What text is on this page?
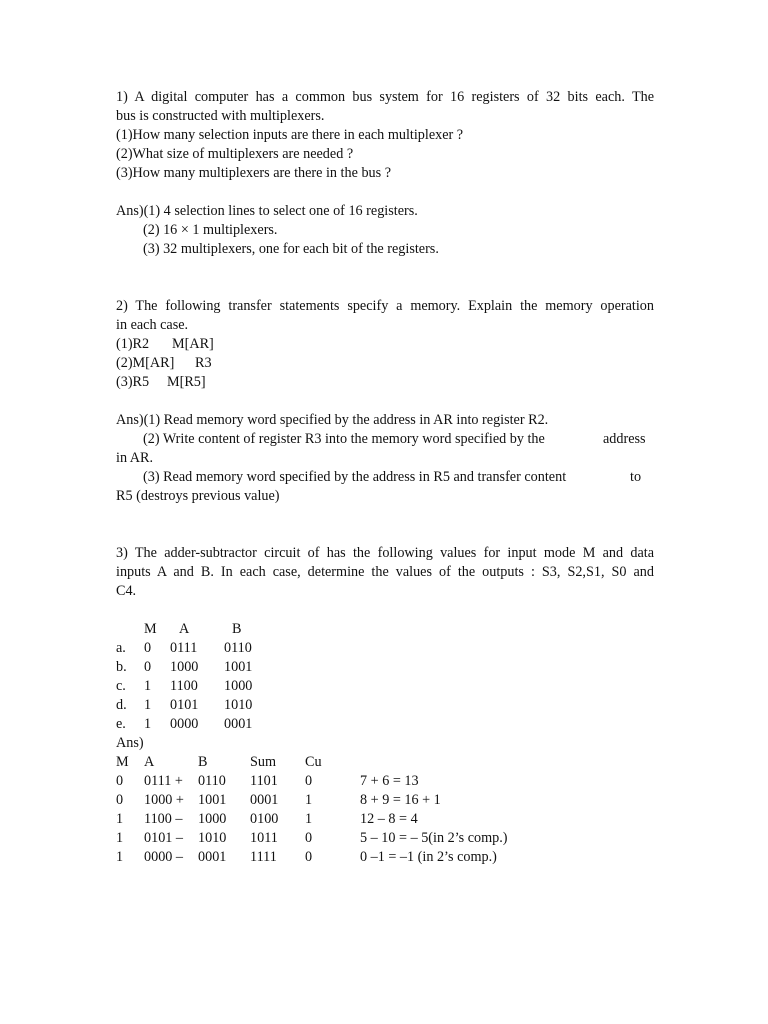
1) A digital computer has a common bus system for 16 registers of 32 bits each. The
bus is constructed with multiplexers.
(1)How many selection inputs are there in each multiplexer ?
(2)What size of multiplexers are needed ?
(3)How many multiplexers are there in the bus ?
Ans)(1) 4 selection lines to select one of 16 registers.
(2) 16 × 1 multiplexers.
(3) 32 multiplexers, one for each bit of the registers.
2) The following transfer statements specify a memory. Explain the memory operation
in each case.
(1)R2 M[AR]
(2)M[AR] R3
(3)R5 M[R5]
Ans)(1) Read memory word specified by the address in AR into register R2.
(2) Write content of register R3 into the memory word specified by the	address
in AR.
(3) Read memory word specified by the address in R5 and transfer content	to
R5 (destroys previous value)
3) The adder-subtractor circuit of has the following values for input mode M and data
inputs A and B. In each case, determine the values of the outputs : S3, S2,S1, S0 and
C4.
M A	B
a. 0 0111 0110
b. 0 1000 1001
c. 1 1100 1000
d. 1 0101 1010
e. 1 0000 0001
Ans)
M A	B	Sum Cu
0 0111 + 0110 1101 0	7 + 6 = 13
0 1000 + 1001 0001 1	8 + 9 = 16 + 1
1 1100 – 1000 0100 1	12 – 8 = 4
1 0101 – 1010 1011 0	5 – 10 = – 5(in 2’s comp.)
1 0000 – 0001 1111 0	0 –1 = –1 (in 2’s comp.)
